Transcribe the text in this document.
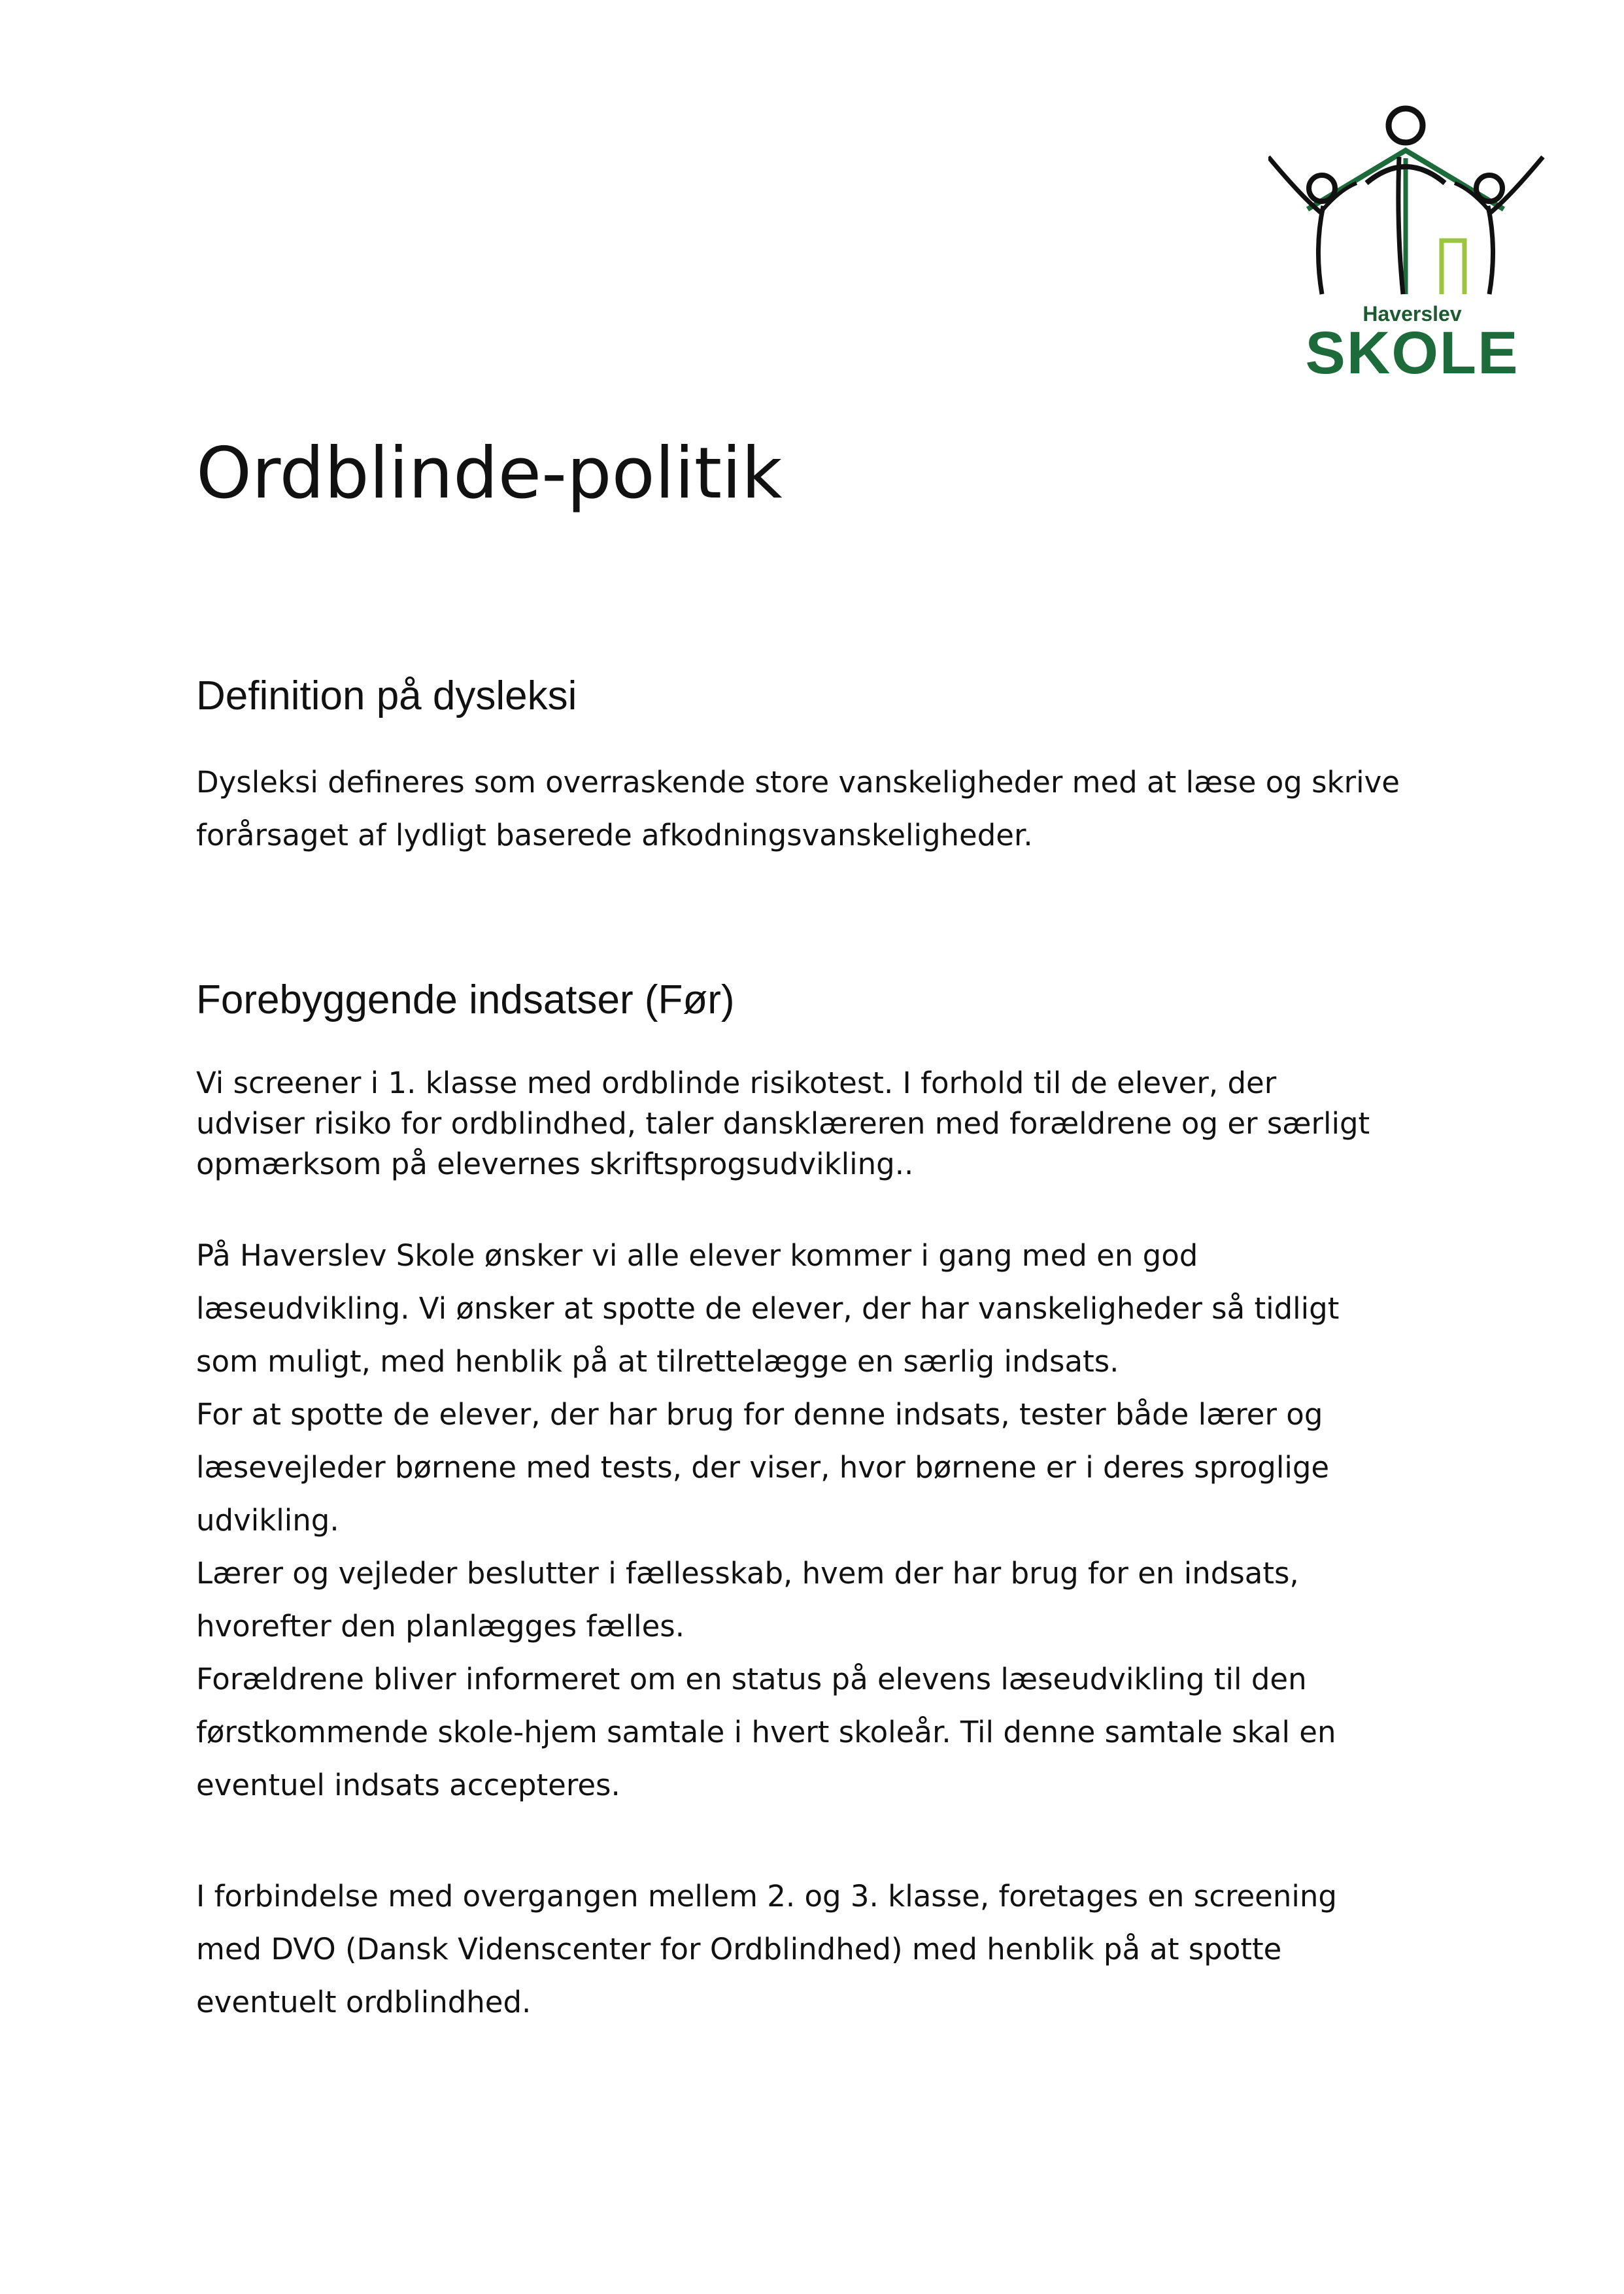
Haverslev
SKOLE
Ordblinde-politik
Definition på dysleksi
Dysleksi defineres som overraskende store vanskeligheder med at læse og skrive
forårsaget af lydligt baserede afkodningsvanskeligheder.
Forebyggende indsatser (Før)
Vi screener i 1. klasse med ordblinde risikotest. I forhold til de elever, der
udviser risiko for ordblindhed, taler dansklæreren med forældrene og er særligt
opmærksom på elevernes skriftsprogsudvikling..
På Haverslev Skole ønsker vi alle elever kommer i gang med en god
læseudvikling. Vi ønsker at spotte de elever, der har vanskeligheder så tidligt
som muligt, med henblik på at tilrettelægge en særlig indsats.
For at spotte de elever, der har brug for denne indsats, tester både lærer og
læsevejleder børnene med tests, der viser, hvor børnene er i deres sproglige
udvikling.
Lærer og vejleder beslutter i fællesskab, hvem der har brug for en indsats,
hvorefter den planlægges fælles.
Forældrene bliver informeret om en status på elevens læseudvikling til den
førstkommende skole-hjem samtale i hvert skoleår. Til denne samtale skal en
eventuel indsats accepteres.
I forbindelse med overgangen mellem 2. og 3. klasse, foretages en screening
med DVO (Dansk Videnscenter for Ordblindhed) med henblik på at spotte
eventuelt ordblindhed.
